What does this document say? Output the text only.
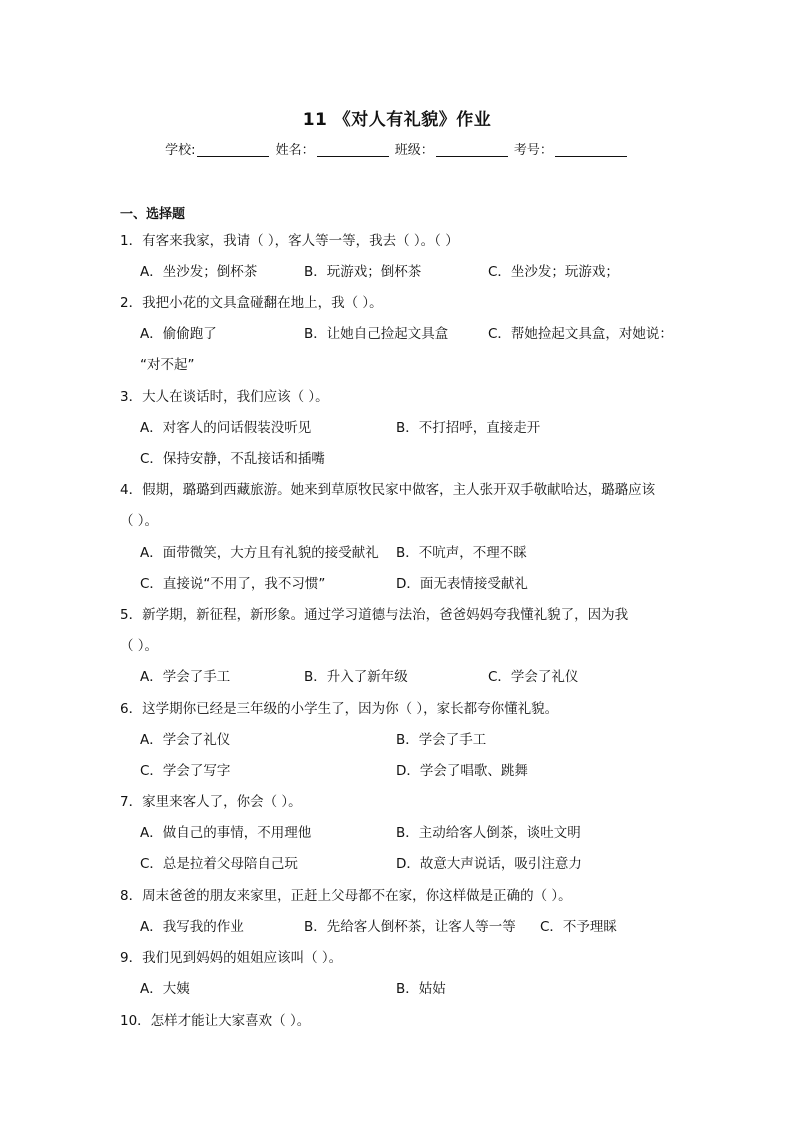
11 《对人有礼貌》作业
学校:	姓名：	班级：	考号：
一、选择题
1．有客来我家，我请（ ），客人等一等，我去（ ）。（ ）
A．坐沙发；倒杯茶	B．玩游戏；倒杯茶	C．坐沙发；玩游戏；
2．我把小花的文具盒碰翻在地上，我（ ）。
A．偷偷跑了	B．让她自己捡起文具盒	C．帮她捡起文具盒，对她说：
“对不起”
3．大人在谈话时，我们应该（ ）。
A．对客人的问话假装没听见	B．不打招呼，直接走开
C．保持安静，不乱接话和插嘴
4．假期，璐璐到西藏旅游。她来到草原牧民家中做客，主人张开双手敬献哈达，璐璐应该
（ ）。
A．面带微笑，大方且有礼貌的接受献礼 B．不吭声，不理不睬
C．直接说“不用了，我不习惯”	D．面无表情接受献礼
5．新学期，新征程，新形象。通过学习道德与法治，爸爸妈妈夸我懂礼貌了，因为我
（ ）。
A．学会了手工	B．升入了新年级	C．学会了礼仪
6．这学期你已经是三年级的小学生了，因为你（ ），家长都夸你懂礼貌。
A．学会了礼仪	B．学会了手工
C．学会了写字	D．学会了唱歌、跳舞
7．家里来客人了，你会（ ）。
A．做自己的事情，不用理他	B．主动给客人倒茶，谈吐文明
C．总是拉着父母陪自己玩	D．故意大声说话，吸引注意力
8．周末爸爸的朋友来家里，正赶上父母都不在家，你这样做是正确的（ ）。
A．我写我的作业	B．先给客人倒杯茶，让客人等一等 C．不予理睬
9．我们见到妈妈的姐姐应该叫（ ）。
A．大姨	B．姑姑
10．怎样才能让大家喜欢（ ）。
